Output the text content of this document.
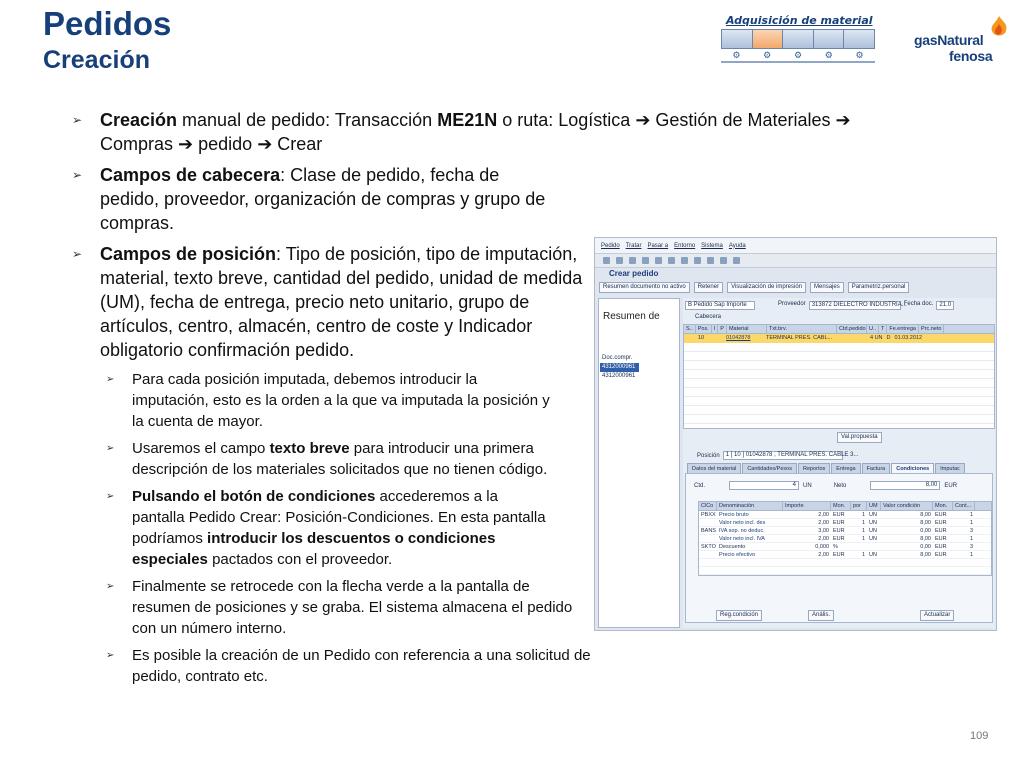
Pedidos
Creación
Adquisición de material
⚙	⚙	⚙	⚙	⚙
gasNatural
fenosa
➢ Creación manual de pedido: Transacción ME21N o ruta: Logística ➔ Gestión de Materiales ➔
Compras ➔ pedido ➔ Crear
➢ Campos de cabecera: Clase de pedido, fecha de pedido, proveedor, organización de compras y grupo de compras.
➢ Campos de posición: Tipo de posición, tipo de imputación, material, texto breve, cantidad del pedido, unidad de medida (UM), fecha de entrega, precio neto unitario, grupo de artículos, centro, almacén, centro de coste y Indicador obligatorio confirmación pedido.
➢ Para cada posición imputada, debemos introducir la imputación, esto es la orden a la que va imputada la posición y la cuenta de mayor.
➢ Usaremos el campo texto breve para introducir una primera descripción de los materiales solicitados que no tienen código.
➢ Pulsando el botón de condiciones accederemos a la pantalla Pedido Crear: Posición-Condiciones. En esta pantalla podríamos introducir los descuentos o condiciones especiales pactados con el proveedor.
➢ Finalmente se retrocede con la flecha verde a la pantalla de resumen de posiciones y se graba. El sistema almacena el pedido con un número interno.
➢ Es posible la creación de un Pedido con referencia a una solicitud de pedido, contrato etc.
109
Pedido Tratar Pasar a Entorno Sistema Ayuda
Crear pedido
Resumen documento no activo	Retener	Visualización de impresión	Mensajes	Parametriz.personal
Resumen de
Doc.compr.
4312000961
4312000961
B Pedido Sap Importe	Proveedor	313872 DIELECTRO INDUSTRIA...
Fecha doc.	21.0
Cabecera
S.. Pos. I P Material	Txt.brv.	Ctd.pedido U.. T Fe.entrega Prc.neto
10	01042878	TERMINAL PRES. CABL...	4 UN D 01.03.2012
Val.propuesta
Posición	1 [ 10 ] 01042878 , TERMINAL PRES. CABLE 3...
Datos del material	Cantidades/Pesos	Reportos	Entrega	Factura	Condiciones	Imputac
Ctd.	4	UN	Neto	8,00	EUR
ClCo	Denominación	Importe	Mon.	por	UM Valor condición	Mon.	Cont...
PBXX Precio bruto	2,00 EUR	1 UN	8,00 EUR	1
Valor neto incl. des	2,00 EUR	1 UN	8,00 EUR	1
BANS IVA sop. no deduc.	3,00 EUR	1 UN	0,00 EUR	3
Valor neto incl. IVA	2,00 EUR	1 UN	8,00 EUR	1
SKTO Descuento	0,000 %	0,00 EUR	3
Precio efectivo	2,00 EUR	1 UN	8,00 EUR	1
Reg.condición	Anális.	Actualizar
